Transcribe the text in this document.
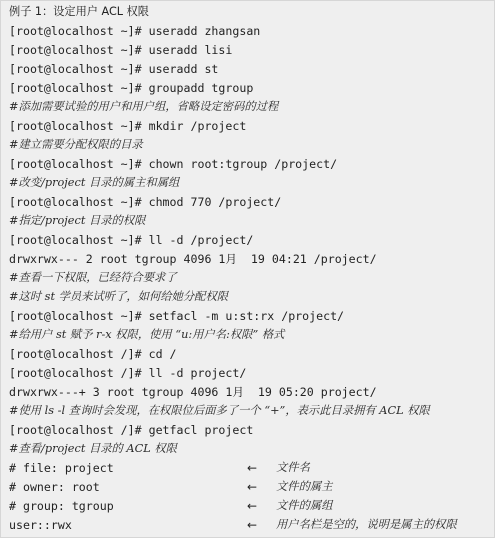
例子 1：设定用户 ACL 权限
[root@localhost ~]# useradd zhangsan
[root@localhost ~]# useradd lisi
[root@localhost ~]# useradd st
[root@localhost ~]# groupadd tgroup
#添加需要试验的用户和用户组，省略设定密码的过程
[root@localhost ~]# mkdir /project
#建立需要分配权限的目录
[root@localhost ~]# chown root:tgroup /project/
#改变/project 目录的属主和属组
[root@localhost ~]# chmod 770 /project/
#指定/project 目录的权限
[root@localhost ~]# ll -d /project/
drwxrwx--- 2 root tgroup 4096 1月  19 04:21 /project/
#查看一下权限，已经符合要求了
#这时 st 学员来试听了，如何给她分配权限
[root@localhost ~]# setfacl -m u:st:rx /project/
#给用户 st 赋予 r-x 权限，使用 “u:用户名:权限” 格式
[root@localhost /]# cd /
[root@localhost /]# ll -d project/
drwxrwx---+ 3 root tgroup 4096 1月  19 05:20 project/
#使用 ls -l 查询时会发现，在权限位后面多了一个 “+”，表示此目录拥有 ACL 权限
[root@localhost /]# getfacl project
#查看/project 目录的 ACL 权限
# file: project
# owner: root
# group: tgroup
user::rwx
←
←
←
←
文件名
文件的属主
文件的属组
用户名栏是空的，说明是属主的权限
